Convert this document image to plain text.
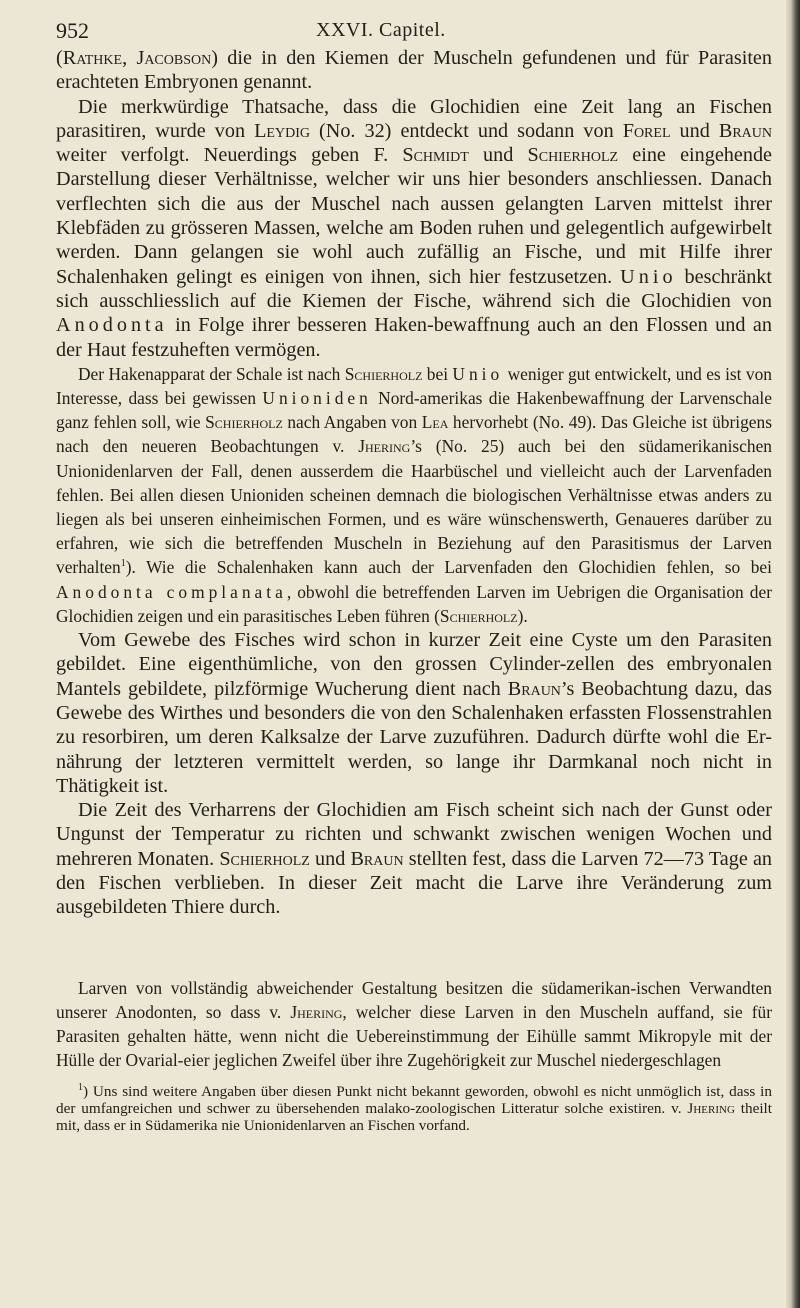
952	XXVI. Capitel.

(Rathke, Jacobson) die in den Kiemen der Muscheln gefundenen und für Parasiten erachteten Embryonen genannt.

Die merkwürdige Thatsache, dass die Glochidien eine Zeit lang an Fischen parasitiren, wurde von Leydig (No. 32) entdeckt und sodann von Forel und Braun weiter verfolgt. Neuerdings geben F. Schmidt und Schierholz eine eingehende Darstellung dieser Verhältnisse, welcher wir uns hier besonders anschliessen. Danach verflechten sich die aus der Muschel nach aussen gelangten Larven mittelst ihrer Klebfäden zu grösseren Massen, welche am Boden ruhen und gelegentlich aufgewirbelt werden. Dann gelangen sie wohl auch zufällig an Fische, und mit Hilfe ihrer Schalenhaken gelingt es einigen von ihnen, sich hier festzusetzen. Unio beschränkt sich ausschliesslich auf die Kiemen der Fische, während sich die Glochidien von Anodonta in Folge ihrer besseren Haken-bewaffnung auch an den Flossen und an der Haut festzuheften vermögen.

Der Hakenapparat der Schale ist nach Schierholz bei Unio weniger gut entwickelt, und es ist von Interesse, dass bei gewissen Unioniden Nord-amerikas die Hakenbewaffnung der Larvenschale ganz fehlen soll, wie Schierholz nach Angaben von Lea hervorhebt (No. 49). Das Gleiche ist übrigens nach den neueren Beobachtungen v. Jhering’s (No. 25) auch bei den südamerikanischen Unionidenlarven der Fall, denen ausserdem die Haarbüschel und vielleicht auch der Larvenfaden fehlen. Bei allen diesen Unioniden scheinen demnach die biologischen Verhältnisse etwas anders zu liegen als bei unseren einheimischen Formen, und es wäre wünschenswerth, Genaueres darüber zu erfahren, wie sich die betreffenden Muscheln in Beziehung auf den Parasitismus der Larven verhalten$^1$). Wie die Schalenhaken kann auch der Larvenfaden den Glochidien fehlen, so bei Anodonta complanata, obwohl die betreffenden Larven im Uebrigen die Organisation der Glochidien zeigen und ein parasitisches Leben führen (Schierholz).

Vom Gewebe des Fisches wird schon in kurzer Zeit eine Cyste um den Parasiten gebildet. Eine eigenthümliche, von den grossen Cylinder-zellen des embryonalen Mantels gebildete, pilzförmige Wucherung dient nach Braun’s Beobachtung dazu, das Gewebe des Wirthes und besonders die von den Schalenhaken erfassten Flossenstrahlen zu resorbiren, um deren Kalksalze der Larve zuzuführen. Dadurch dürfte wohl die Er-nährung der letzteren vermittelt werden, so lange ihr Darmkanal noch nicht in Thätigkeit ist.

Die Zeit des Verharrens der Glochidien am Fisch scheint sich nach der Gunst oder Ungunst der Temperatur zu richten und schwankt zwischen wenigen Wochen und mehreren Monaten. Schierholz und Braun stellten fest, dass die Larven 72—73 Tage an den Fischen verblieben. In dieser Zeit macht die Larve ihre Veränderung zum ausgebildeten Thiere durch.

Larven von vollständig abweichender Gestaltung besitzen die südamerikan-ischen Verwandten unserer Anodonten, so dass v. Jhering, welcher diese Larven in den Muscheln auffand, sie für Parasiten gehalten hätte, wenn nicht die Uebereinstimmung der Eihülle sammt Mikropyle mit der Hülle der Ovarial-eier jeglichen Zweifel über ihre Zugehörigkeit zur Muschel niedergeschlagen

$^1$) Uns sind weitere Angaben über diesen Punkt nicht bekannt geworden, obwohl es nicht unmöglich ist, dass in der umfangreichen und schwer zu übersehenden malako-zoologischen Litteratur solche existiren. v. Jhering theilt mit, dass er in Südamerika nie Unionidenlarven an Fischen vorfand.
